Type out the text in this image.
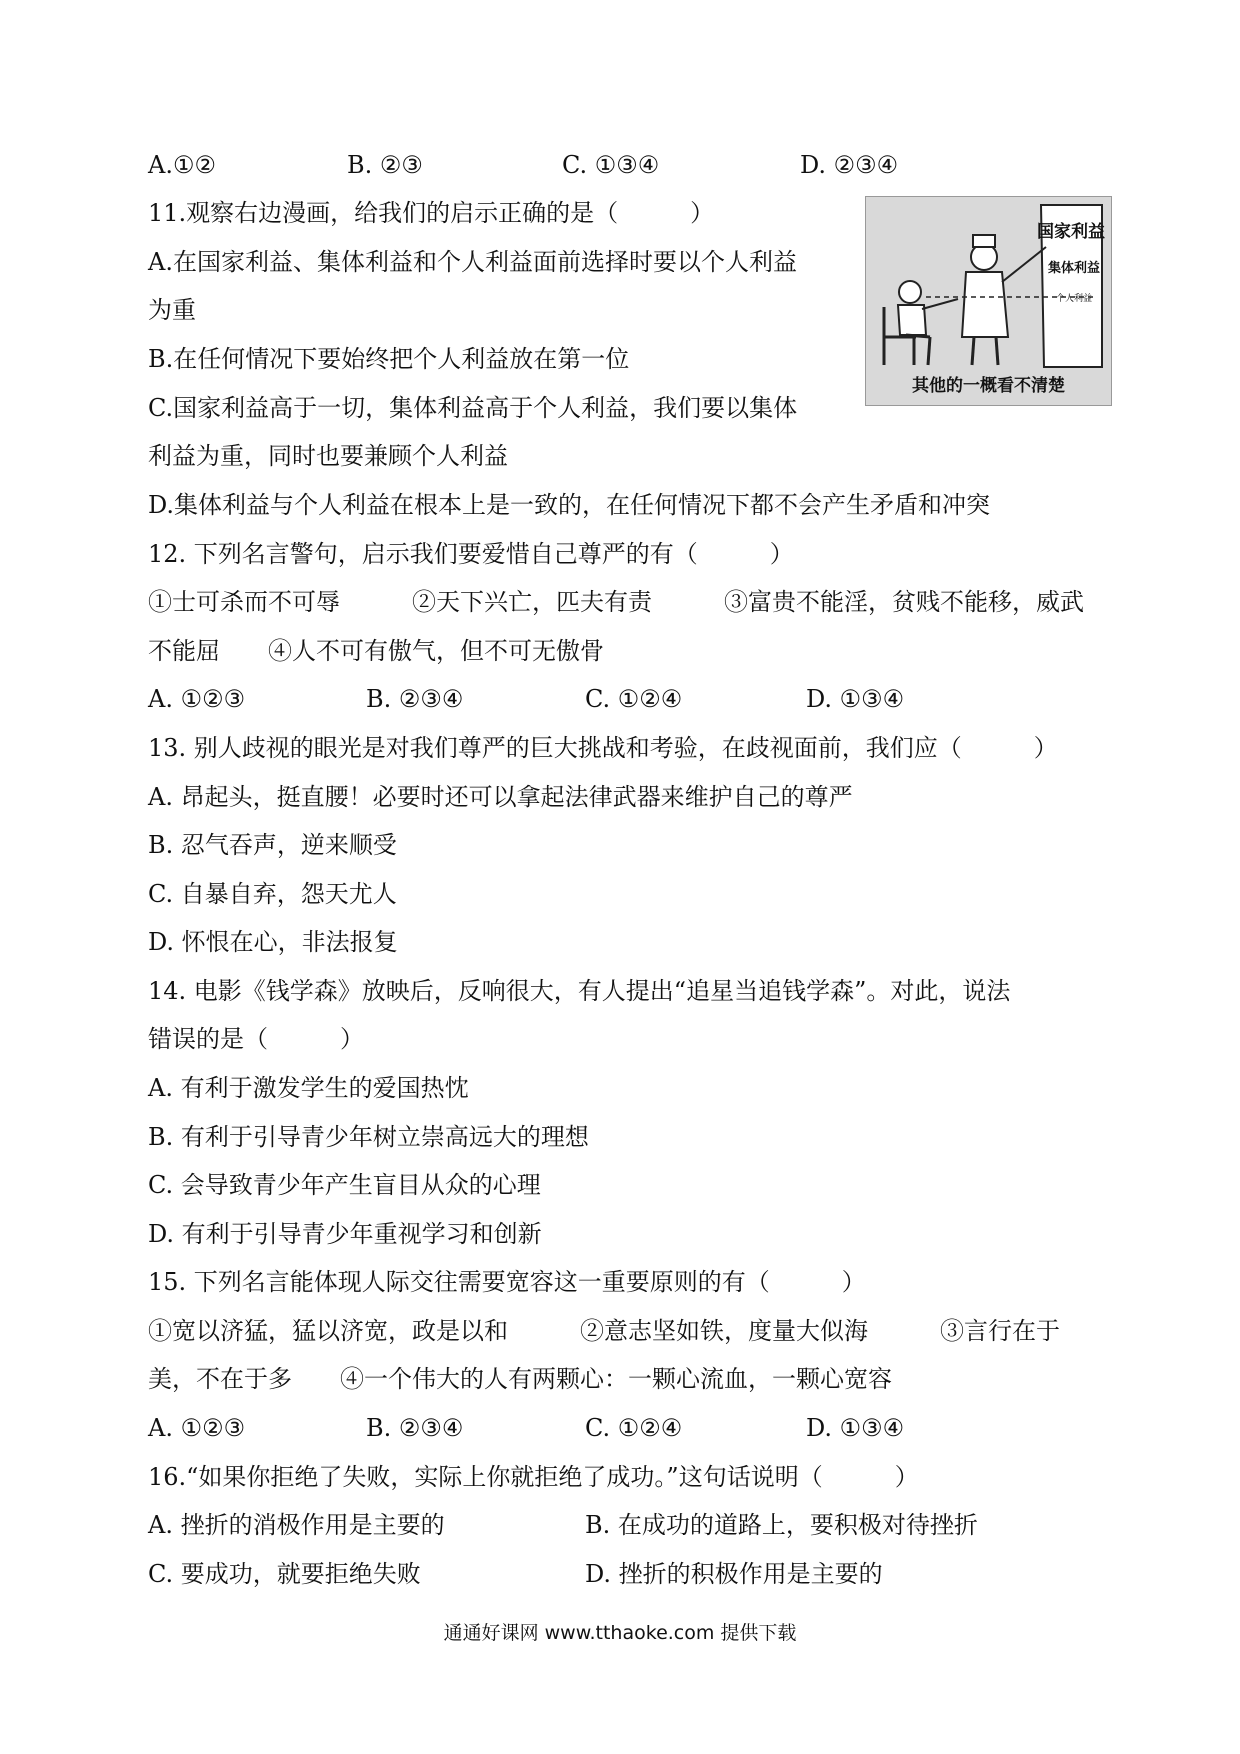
A.①②	B. ②③	C. ①③④	D. ②③④
11.观察右边漫画，给我们的启示正确的是（　　　）
A.在国家利益、集体利益和个人利益面前选择时要以个人利益
为重
B.在任何情况下要始终把个人利益放在第一位
C.国家利益高于一切，集体利益高于个人利益，我们要以集体
利益为重，同时也要兼顾个人利益
D.集体利益与个人利益在根本上是一致的，在任何情况下都不会产生矛盾和冲突
国家利益
集体利益
个人利益
其他的一概看不清楚
12. 下列名言警句，启示我们要爱惜自己尊严的有（　　　）
①士可杀而不可辱　　　②天下兴亡，匹夫有责　　　③富贵不能淫，贫贱不能移，威武
不能屈　　④人不可有傲气，但不可无傲骨
A. ①②③	B. ②③④	C. ①②④	D. ①③④
13. 别人歧视的眼光是对我们尊严的巨大挑战和考验，在歧视面前，我们应（　　　）
A. 昂起头，挺直腰！必要时还可以拿起法律武器来维护自己的尊严
B. 忍气吞声，逆来顺受
C. 自暴自弃，怨天尤人
D. 怀恨在心，非法报复
14. 电影《钱学森》放映后，反响很大，有人提出“追星当追钱学森”。对此，说法
错误的是（　　　）
A. 有利于激发学生的爱国热忱
B. 有利于引导青少年树立崇高远大的理想
C. 会导致青少年产生盲目从众的心理
D. 有利于引导青少年重视学习和创新
15. 下列名言能体现人际交往需要宽容这一重要原则的有（　　　）
①宽以济猛，猛以济宽，政是以和　　　②意志坚如铁，度量大似海　　　③言行在于
美，不在于多　　④一个伟大的人有两颗心：一颗心流血，一颗心宽容
A. ①②③	B. ②③④	C. ①②④	D. ①③④
16.“如果你拒绝了失败，实际上你就拒绝了成功。”这句话说明（　　　）
A. 挫折的消极作用是主要的	B. 在成功的道路上，要积极对待挫折
C. 要成功，就要拒绝失败	D. 挫折的积极作用是主要的
通通好课网 www.tthaoke.com 提供下载
